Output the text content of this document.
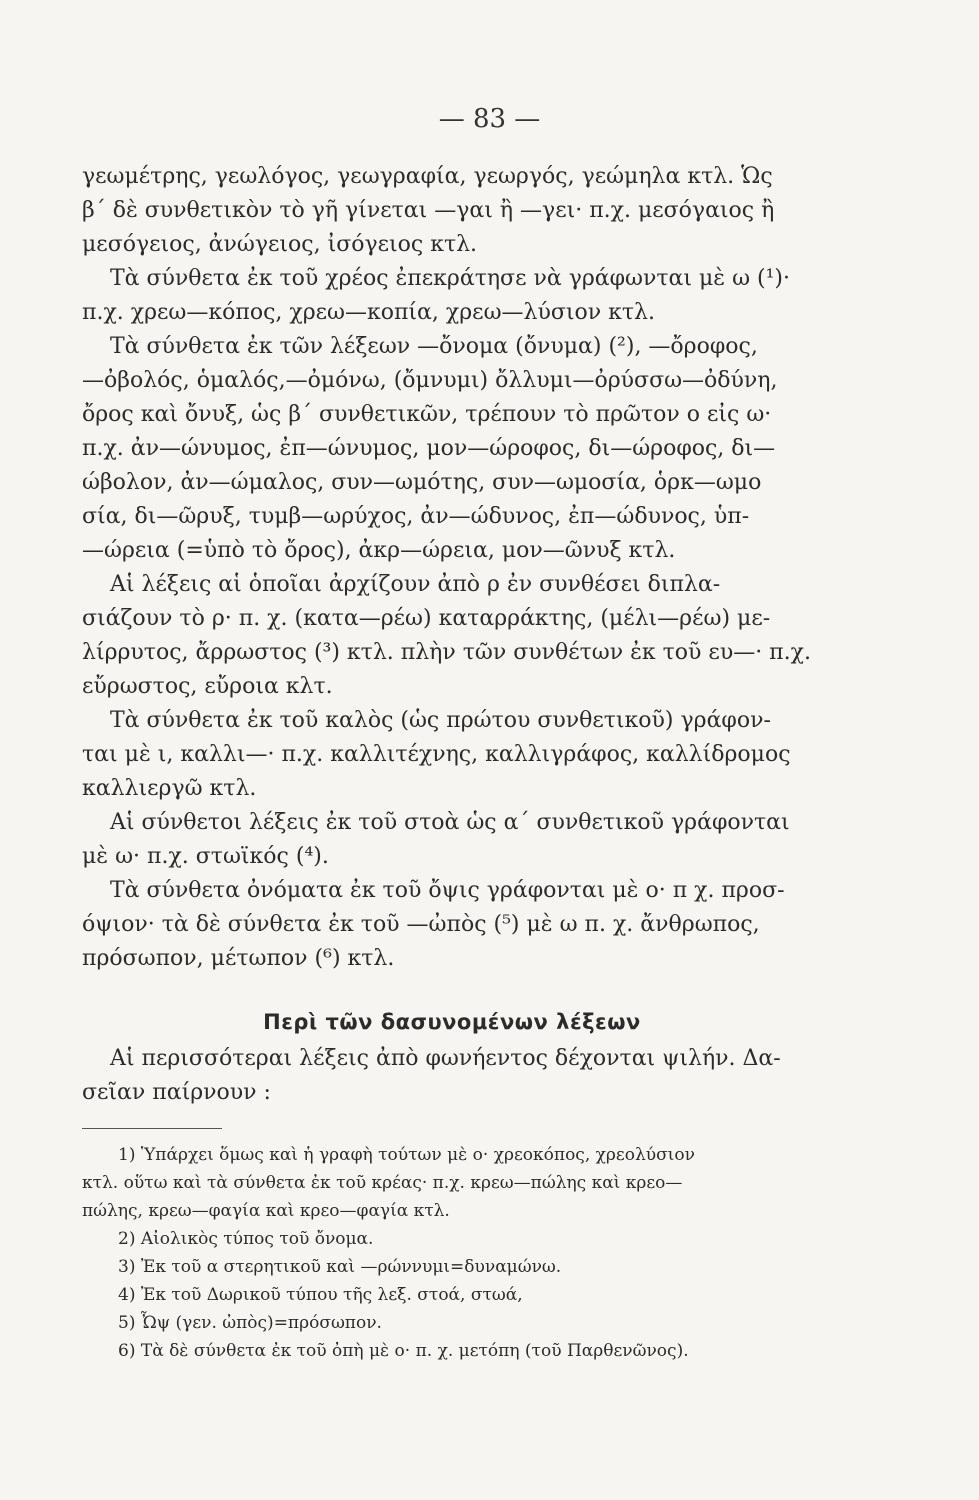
— 83 —
γεωμέτρης, γεωλόγος, γεωγραφία, γεωργός, γεώμηλα κτλ. Ὡς
β΄ δὲ συνθετικὸν τὸ γῆ γίνεται —γαι ἢ —γει· π.χ. μεσόγαιος ἢ
μεσόγειος, ἀνώγειος, ἰσόγειος κτλ.
Τὰ σύνθετα ἐκ τοῦ χρέος ἐπεκράτησε νὰ γράφωνται μὲ ω (¹)·
π.χ. χρεω—κόπος, χρεω—κοπία, χρεω—λύσιον κτλ.
Τὰ σύνθετα ἐκ τῶν λέξεων —ὄνομα (ὄνυμα) (²), —ὄροφος,
—ὀβολός, ὁμαλός,—ὀμόνω, (ὄμνυμι) ὄλλυμι—ὀρύσσω—ὀδύνη,
ὄρος καὶ ὄνυξ, ὡς β΄ συνθετικῶν, τρέπουν τὸ πρῶτον ο εἰς ω·
π.χ. ἀν—ώνυμος, ἐπ—ώνυμος, μον—ώροφος, δι—ώροφος, δι—
ώβολον, ἀν—ώμαλος, συν—ωμότης, συν—ωμοσία, ὁρκ—ωμο
σία, δι—ῶρυξ, τυμβ—ωρύχος, ἀν—ώδυνος, ἐπ—ώδυνος, ὑπ-
—ώρεια (=ὑπὸ τὸ ὄρος), ἀκρ—ώρεια, μον—ῶνυξ κτλ.
Αἱ λέξεις αἱ ὁποῖαι ἀρχίζουν ἀπὸ ρ ἐν συνθέσει διπλα-
σιάζουν τὸ ρ· π. χ. (κατα—ρέω) καταρράκτης, (μέλι—ρέω) με-
λίρρυτος, ἄρρωστος (³) κτλ. πλὴν τῶν συνθέτων ἐκ τοῦ ευ—· π.χ.
εὔρωστος, εὔροια κλτ.
Τὰ σύνθετα ἐκ τοῦ καλὸς (ὡς πρώτου συνθετικοῦ) γράφον-
ται μὲ ι, καλλι—· π.χ. καλλιτέχνης, καλλιγράφος, καλλίδρομος
καλλιεργῶ κτλ.
Αἱ σύνθετοι λέξεις ἐκ τοῦ στοὰ ὡς α΄ συνθετικοῦ γράφονται
μὲ ω· π.χ. στωϊκός (⁴).
Τὰ σύνθετα ὀνόματα ἐκ τοῦ ὄψις γράφονται μὲ ο· π χ. προσ-
όψιον· τὰ δὲ σύνθετα ἐκ τοῦ —ὠπὸς (⁵) μὲ ω π. χ. ἄνθρωπος,
πρόσωπον, μέτωπον (⁶) κτλ.
Περὶ τῶν δασυνομένων λέξεων
Αἱ περισσότεραι λέξεις ἀπὸ φωνήεντος δέχονται ψιλήν. Δα-
σεῖαν παίρνουν :
1) Ὑπάρχει ὅμως καὶ ἡ γραφὴ τούτων μὲ ο· χρεοκόπος, χρεολύσιον
κτλ. οὕτω καὶ τὰ σύνθετα ἐκ τοῦ κρέας· π.χ. κρεω—πώλης καὶ κρεο—
πώλης, κρεω—φαγία καὶ κρεο—φαγία κτλ.
2) Αἰολικὸς τύπος τοῦ ὄνομα.
3) Ἐκ τοῦ α στερητικοῦ καὶ —ρώννυμι=δυναμώνω.
4) Ἐκ τοῦ Δωρικοῦ τύπου τῆς λεξ. στοά, στωά,
5) Ὦψ (γεν. ὠπὸς)=πρόσωπον.
6) Τὰ δὲ σύνθετα ἐκ τοῦ ὀπὴ μὲ ο· π. χ. μετόπη (τοῦ Παρθενῶνος).
